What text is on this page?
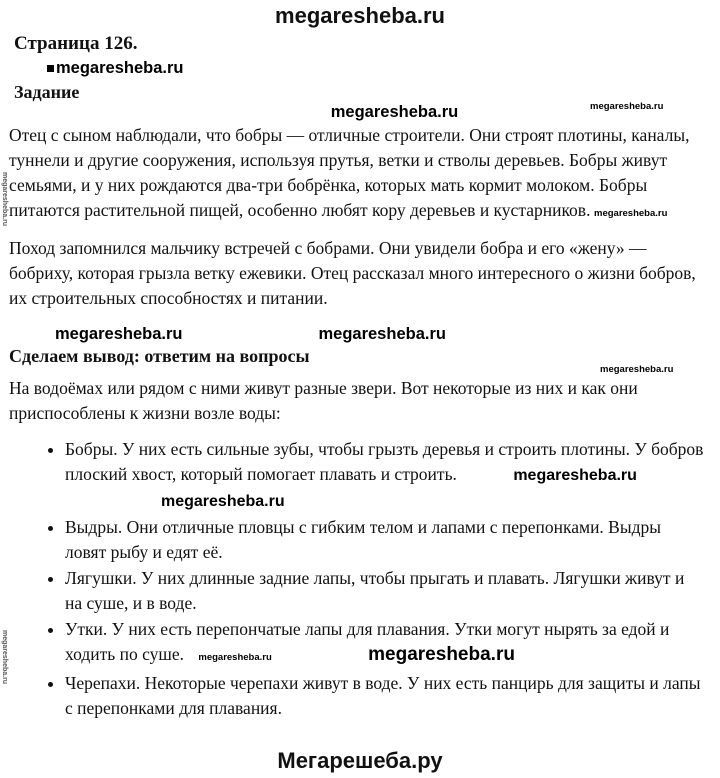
megaresheba.ru
Страница 126.
megaresheba.ru
Задание
megaresheba.ru

Отец с сыном наблюдали, что бобры — отличные строители. Они строят плотины, каналы, туннели и другие сооружения, используя прутья, ветки и стволы деревьев. Бобры живут семьями, и у них рождаются два-три бобрёнка, которых мать кормит молоком. Бобры питаются растительной пищей, особенно любят кору деревьев и кустарников.

Поход запомнился мальчику встречей с бобрами. Они увидели бобра и его «жену» — бобриху, которая грызла ветку ежевики. Отец рассказал много интересного о жизни бобров, их строительных способностях и питании.

megaresheba.ru	megaresheba.ru
Сделаем вывод: ответим на вопросы

На водоёмах или рядом с ними живут разные звери. Вот некоторые из них и как они приспособлены к жизни возле воды:

• Бобры. У них есть сильные зубы, чтобы грызть деревья и строить плотины. У бобров плоский хвост, который помогает плавать и строить.	megaresheba.ru megaresheba.ru
• Выдры. Они отличные пловцы с гибким телом и лапами с перепонками. Выдры ловят рыбу и едят её.
• Лягушки. У них длинные задние лапы, чтобы прыгать и плавать. Лягушки живут и на суше, и в воде.
• Утки. У них есть перепончатые лапы для плавания. Утки могут нырять за едой и ходить по суше. megaresheba.ru	megaresheba.ru
• Черепахи. Некоторые черепахи живут в воде. У них есть панцирь для защиты и лапы с перепонками для плавания.
megaresheba.ru
megaresheba.ru
megaresheba.ru
megaresheba.ru
megaresheba.ru
Мегарешеба.ру
